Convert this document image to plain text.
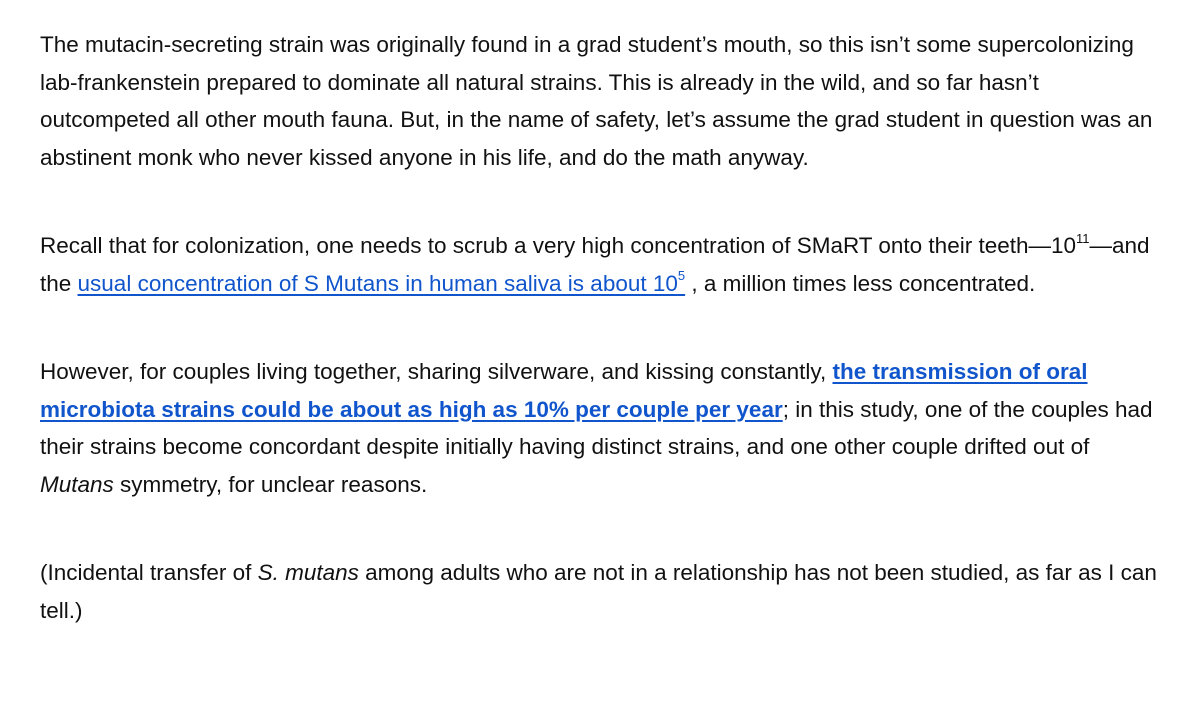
The mutacin-secreting strain was originally found in a grad student’s mouth, so this isn’t some supercolonizing lab-frankenstein prepared to dominate all natural strains. This is already in the wild, and so far hasn’t outcompeted all other mouth fauna. But, in the name of safety, let’s assume the grad student in question was an abstinent monk who never kissed anyone in his life, and do the math anyway.

Recall that for colonization, one needs to scrub a very high concentration of SMaRT onto their $teeth—10^{11}—and$ the usual concentration of S Mutans in human saliva is about 10$^5$ , a million times less concentrated.

However, for couples living together, sharing silverware, and kissing constantly, the transmission of oral microbiota strains could be about as high as 10% per couple per year; in this study, one of the couples had their strains become concordant despite initially having distinct strains, and one other couple drifted out of Mutans symmetry, for unclear reasons.

(Incidental transfer of S. mutans among adults who are not in a relationship has not been studied, as far as I can tell.)
